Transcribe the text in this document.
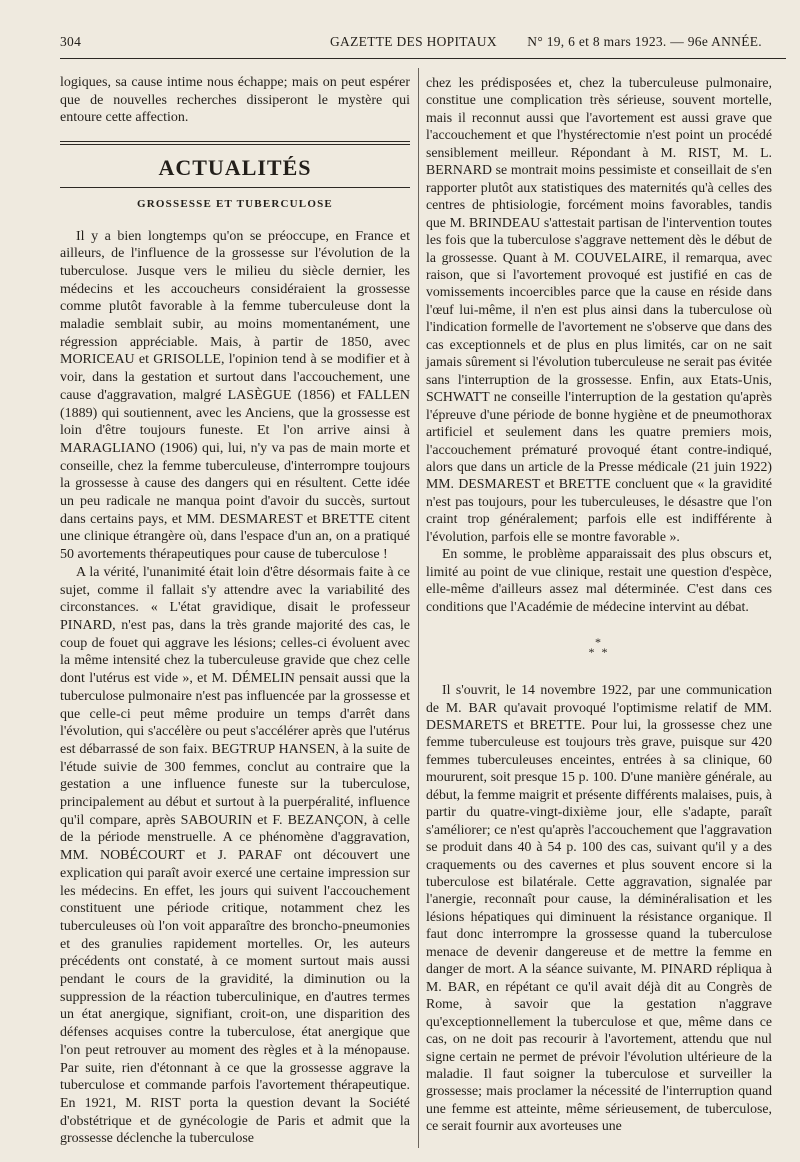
304	GAZETTE DES HOPITAUX N° 19, 6 et 8 mars 1923. — 96e ANNÉE.

logiques, sa cause intime nous échappe; mais on peut espérer que de nouvelles recherches dissiperont le mystère qui entoure cette affection.

ACTUALITÉS
GROSSESSE ET TUBERCULOSE

Il y a bien longtemps qu'on se préoccupe, en France et ailleurs, de l'influence de la grossesse sur l'évolution de la tuberculose. Jusque vers le milieu du siècle dernier, les médecins et les accoucheurs considéraient la grossesse comme plutôt favorable à la femme tuberculeuse dont la maladie semblait subir, au moins momentanément, une régression appréciable. Mais, à partir de 1850, avec MORICEAU et GRISOLLE, l'opinion tend à se modifier et à voir, dans la gestation et surtout dans l'accouchement, une cause d'aggravation, malgré LASÈGUE (1856) et FALLEN (1889) qui soutiennent, avec les Anciens, que la grossesse est loin d'être toujours funeste. Et l'on arrive ainsi à MARAGLIANO (1906) qui, lui, n'y va pas de main morte et conseille, chez la femme tuberculeuse, d'interrompre toujours la grossesse à cause des dangers qui en résultent. Cette idée un peu radicale ne manqua point d'avoir du succès, surtout dans certains pays, et MM. DESMAREST et BRETTE citent une clinique étrangère où, dans l'espace d'un an, on a pratiqué 50 avortements thérapeutiques pour cause de tuberculose !

A la vérité, l'unanimité était loin d'être désormais faite à ce sujet, comme il fallait s'y attendre avec la variabilité des circonstances. « L'état gravidique, disait le professeur PINARD, n'est pas, dans la très grande majorité des cas, le coup de fouet qui aggrave les lésions; celles-ci évoluent avec la même intensité chez la tuberculeuse gravide que chez celle dont l'utérus est vide », et M. DÉMELIN pensait aussi que la tuberculose pulmonaire n'est pas influencée par la grossesse et que celle-ci peut même produire un temps d'arrêt dans l'évolution, qui s'accélère ou peut s'accélérer après que l'utérus est débarrassé de son faix. BEGTRUP HANSEN, à la suite de l'étude suivie de 300 femmes, conclut au contraire que la gestation a une influence funeste sur la tuberculose, principalement au début et surtout à la puerpéralité, influence qu'il compare, après SABOURIN et F. BEZANÇON, à celle de la période menstruelle. A ce phénomène d'aggravation, MM. NOBÉCOURT et J. PARAF ont découvert une explication qui paraît avoir exercé une certaine impression sur les médecins. En effet, les jours qui suivent l'accouchement constituent une période critique, notamment chez les tuberculeuses où l'on voit apparaître des broncho-pneumonies et des granulies rapidement mortelles. Or, les auteurs précédents ont constaté, à ce moment surtout mais aussi pendant le cours de la gravidité, la diminution ou la suppression de la réaction tuberculinique, en d'autres termes un état anergique, signifiant, croit-on, une disparition des défenses acquises contre la tuberculose, état anergique que l'on peut retrouver au moment des règles et à la ménopause. Par suite, rien d'étonnant à ce que la grossesse aggrave la tuberculose et commande parfois l'avortement thérapeutique. En 1921, M. RIST porta la question devant la Société d'obstétrique et de gynécologie de Paris et admit que la grossesse déclenche la tuberculose

chez les prédisposées et, chez la tuberculeuse pulmonaire, constitue une complication très sérieuse, souvent mortelle, mais il reconnut aussi que l'avortement est aussi grave que l'accouchement et que l'hystérectomie n'est point un procédé sensiblement meilleur. Répondant à M. RIST, M. L. BERNARD se montrait moins pessimiste et conseillait de s'en rapporter plutôt aux statistiques des maternités qu'à celles des centres de phtisiologie, forcément moins favorables, tandis que M. BRINDEAU s'attestait partisan de l'intervention toutes les fois que la tuberculose s'aggrave nettement dès le début de la grossesse. Quant à M. COUVELAIRE, il remarqua, avec raison, que si l'avortement provoqué est justifié en cas de vomissements incoercibles parce que la cause en réside dans l'œuf lui-même, il n'en est plus ainsi dans la tuberculose où l'indication formelle de l'avortement ne s'observe que dans des cas exceptionnels et de plus en plus limités, car on ne sait jamais sûrement si l'évolution tuberculeuse ne serait pas évitée sans l'interruption de la grossesse. Enfin, aux Etats-Unis, SCHWATT ne conseille l'interruption de la gestation qu'après l'épreuve d'une période de bonne hygiène et de pneumothorax artificiel et seulement dans les quatre premiers mois, l'accouchement prématuré provoqué étant contre-indiqué, alors que dans un article de la Presse médicale (21 juin 1922) MM. DESMAREST et BRETTE concluent que « la gravidité n'est pas toujours, pour les tuberculeuses, le désastre que l'on craint trop généralement; parfois elle est indifférente à l'évolution, parfois elle se montre favorable ».

En somme, le problème apparaissait des plus obscurs et, limité au point de vue clinique, restait une question d'espèce, elle-même d'ailleurs assez mal déterminée. C'est dans ces conditions que l'Académie de médecine intervint au débat.

*
* *

Il s'ouvrit, le 14 novembre 1922, par une communication de M. BAR qu'avait provoqué l'optimisme relatif de MM. DESMARETS et BRETTE. Pour lui, la grossesse chez une femme tuberculeuse est toujours très grave, puisque sur 420 femmes tuberculeuses enceintes, entrées à sa clinique, 60 moururent, soit presque 15 p. 100. D'une manière générale, au début, la femme maigrit et présente différents malaises, puis, à partir du quatre-vingt-dixième jour, elle s'adapte, paraît s'améliorer; ce n'est qu'après l'accouchement que l'aggravation se produit dans 40 à 54 p. 100 des cas, suivant qu'il y a des craquements ou des cavernes et plus souvent encore si la tuberculose est bilatérale. Cette aggravation, signalée par l'anergie, reconnaît pour cause, la déminéralisation et les lésions hépatiques qui diminuent la résistance organique. Il faut donc interrompre la grossesse quand la tuberculose menace de devenir dangereuse et de mettre la femme en danger de mort. A la séance suivante, M. PINARD répliqua à M. BAR, en répétant ce qu'il avait déjà dit au Congrès de Rome, à savoir que la gestation n'aggrave qu'exceptionnellement la tuberculose et que, même dans ce cas, on ne doit pas recourir à l'avortement, attendu que nul signe certain ne permet de prévoir l'évolution ultérieure de la maladie. Il faut soigner la tuberculose et surveiller la grossesse; mais proclamer la nécessité de l'interruption quand une femme est atteinte, même sérieusement, de tuberculose, ce serait fournir aux avorteuses une
